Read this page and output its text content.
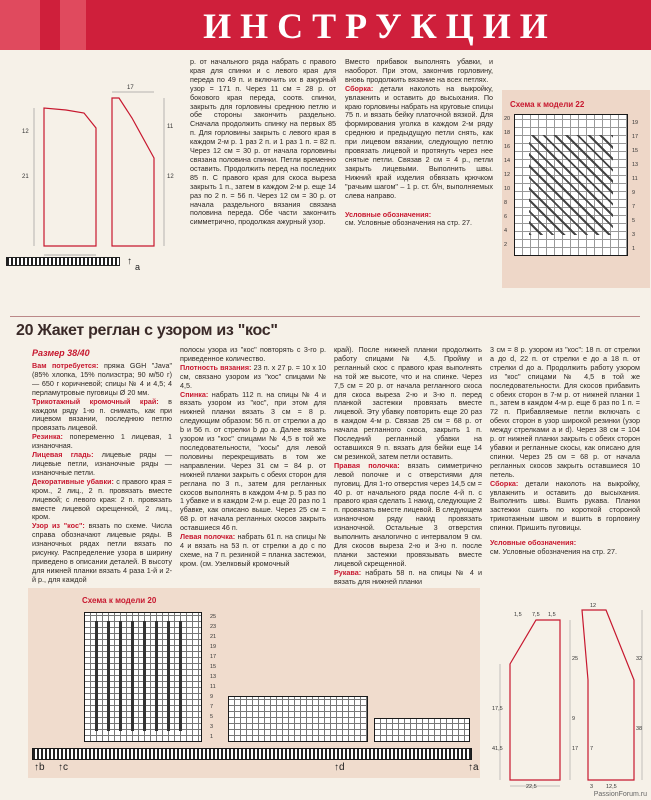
ИНСТРУКЦИИ
17
21	12
11
12
↑ a
р. от начального ряда набрать с правого края для спинки и с левого края для переда по 49 п. и включить их в ажурный узор = 171 п. Через 11 см = 28 р. от бокового края переда, соотв. спинки, закрыть для горловины среднюю петлю и обе стороны закончить раздельно. Сначала продолжить спинку на первых 85 п. Для горловины закрыть с левого края в каждом 2-м р. 1 раз 2 п. и 1 раз 1 п. = 82 п. Через 12 см = 30 р. от начала горловины связана половина спинки. Петли временно оставить. Продолжить перед на последних 85 п. С правого края для скоса выреза закрыть 1 п., затем в каждом 2-м р. еще 14 раз по 2 п. = 56 п. Через 12 см = 30 р. от начала раздельного вязания связана половина переда. Обе части закончить симметрично, продолжая ажурный узор.

Вместо прибавок выполнять убавки, и наоборот. При этом, закончив горловину, вновь продолжить вязание на всех петлях.

Сборка: детали наколоть на выкройку, увлажнить и оставить до высыхания. По краю горловины набрать на круговые спицы 75 п. и вязать бейку платочной вязкой. Для формирования уголка в каждом 2-м ряду среднюю и предыдущую петли снять, как при лицевом вязании, следующую петлю провязать лицевой и протянуть через нее снятые петли. Связав 2 см = 4 р., петли закрыть лицевыми. Выполнить швы. Нижний край изделия обвязать крючком "рачьим шагом" – 1 р. ст. б/н, выполняемых слева направо.

Условные обозначения:

см. Условные обозначения на стр. 27.

Схема к модели 22
20
18
16
14
12
10
8
6
4
2
19
17
15
13
11
9
7
5
3
1
20 Жакет реглан с узором из "кос"
Размер 38/40

Вам потребуется: пряжа GGH "Java" (85% хлопка, 15% полиэстра; 90 м/50 г) — 650 г коричневой; спицы № 4 и 4,5; 4 перламутровые пуговицы Ø 20 мм.

Трикотажный кромочный край: в каждом ряду 1-ю п. снимать, как при лицевом вязании, последнюю петлю провязать лицевой.

Резинка: попеременно 1 лицевая, 1 изнаночная.

Лицевая гладь: лицевые ряды — лицевые петли, изнаночные ряды — изнаночные петли.

Декоративные убавки: с правого края = кром., 2 лиц., 2 п. провязать вместе лицевой; с левого края: 2 п. провязать вместе лицевой скрещенной, 2 лиц., кром.

Узор из "кос": вязать по схеме. Числа справа обозначают лицевые ряды. В изнаночных рядах петли вязать по рисунку. Распределение узора в ширину приведено в описании деталей. В высоту для нижней планки вязать 4 раза 1-й и 2-й р., для каждой

полосы узора из "кос" повторять с 3-го р. приведенное количество.

Плотность вязания: 23 п. x 27 р. = 10 x 10 см, связано узором из "кос" спицами № 4,5.

Спинка: набрать 112 п. на спицы № 4 и вязать узором из "кос", при этом для нижней планки вязать 3 см = 8 р. следующим образом: 56 п. от стрелки a до b и 56 п. от стрелки b до a. Далее вязать узором из "кос" спицами № 4,5 в той же последовательности, "косы" для левой половины перекрещивать в том же направлении. Через 31 см = 84 р. от нижней планки закрыть с обеих сторон для реглана по 3 п., затем для регланных скосов выполнять в каждом 4-м р. 5 раз по 1 убавке и в каждом 2-м р. еще 20 раз по 1 убавке, как описано выше. Через 25 см = 68 р. от начала регланных скосов закрыть оставшиеся 46 п.

Левая полочка: набрать 61 п. на спицы № 4 и вязать на 53 п. от стрелки a до c по схеме, на 7 п. резинкой = планка застежки, кром. (см. Узелковый кромочный

край). После нижней планки продолжить работу спицами № 4,5. Пройму и регланный скос с правого края выполнять на той же высоте, что и на спинке. Через 7,5 см = 20 р. от начала регланного скоса для скоса выреза 2-ю и 3-ю п. перед планкой застежки провязать вместе лицевой. Эту убавку повторить еще 20 раз в каждом 4-м р. Связав 25 см = 68 р. от начала регланного скоса, закрыть 1 п. Последний регланный убавки на оставшихся 9 п. вязать для бейки еще 14 см резинкой, затем петли оставить.

Правая полочка: вязать симметрично левой полочке и с отверстиями для пуговиц. Для 1-го отверстия через 14,5 см = 40 р. от начального ряда после 4-й п. с правого края сделать 1 накид, следующие 2 п. провязать вместе лицевой. В следующем изнаночном ряду накид провязать изнаночной. Остальные 3 отверстия выполнить аналогично с интервалом 9 см. Для скосов выреза 2-ю и 3-ю п. после планки застежки провязывать вместе лицевой скрещенной.

Рукава: набрать 58 п. на спицы № 4 и вязать для нижней планки

3 см = 8 р. узором из "кос": 18 п. от стрелки a до d, 22 п. от стрелки e до a 18 п. от стрелки d до a. Продолжить работу узором из "кос" спицами № 4,5 в той же последовательности. Для скосов прибавить с обеих сторон в 7-м р. от нижней планки 1 п., затем в каждом 4-м р. еще 6 раз по 1 п. = 72 п. Прибавляемые петли включать с обеих сторон в узор широкой резинки (узор между стрелками a и d). Через 38 см = 104 р. от нижней планки закрыть с обеих сторон убавки и регланные скосы, как описано для спинки. Через 25 см = 68 р. от начала регланных скосов закрыть оставшиеся 10 петель.

Сборка: детали наколоть на выкройку, увлажнить и оставить до высыхания. Выполнить швы. Вшить рукава. Планки застежки сшить по короткой стороной трикотажным швом и вшить в горловину спинки. Пришить пуговицы.

Условные обозначения:

см. Условные обозначения на стр. 27.

Схема к модели 20
25
23
21
19
17
15
13
11
9
7
5
3
1
↑b ↑c	↑d	↑a
1,5 7,5 1,5
12
17,5
41,5
25
9
17
32
38
7
3 12,5
22,5
PassionForum.ru
